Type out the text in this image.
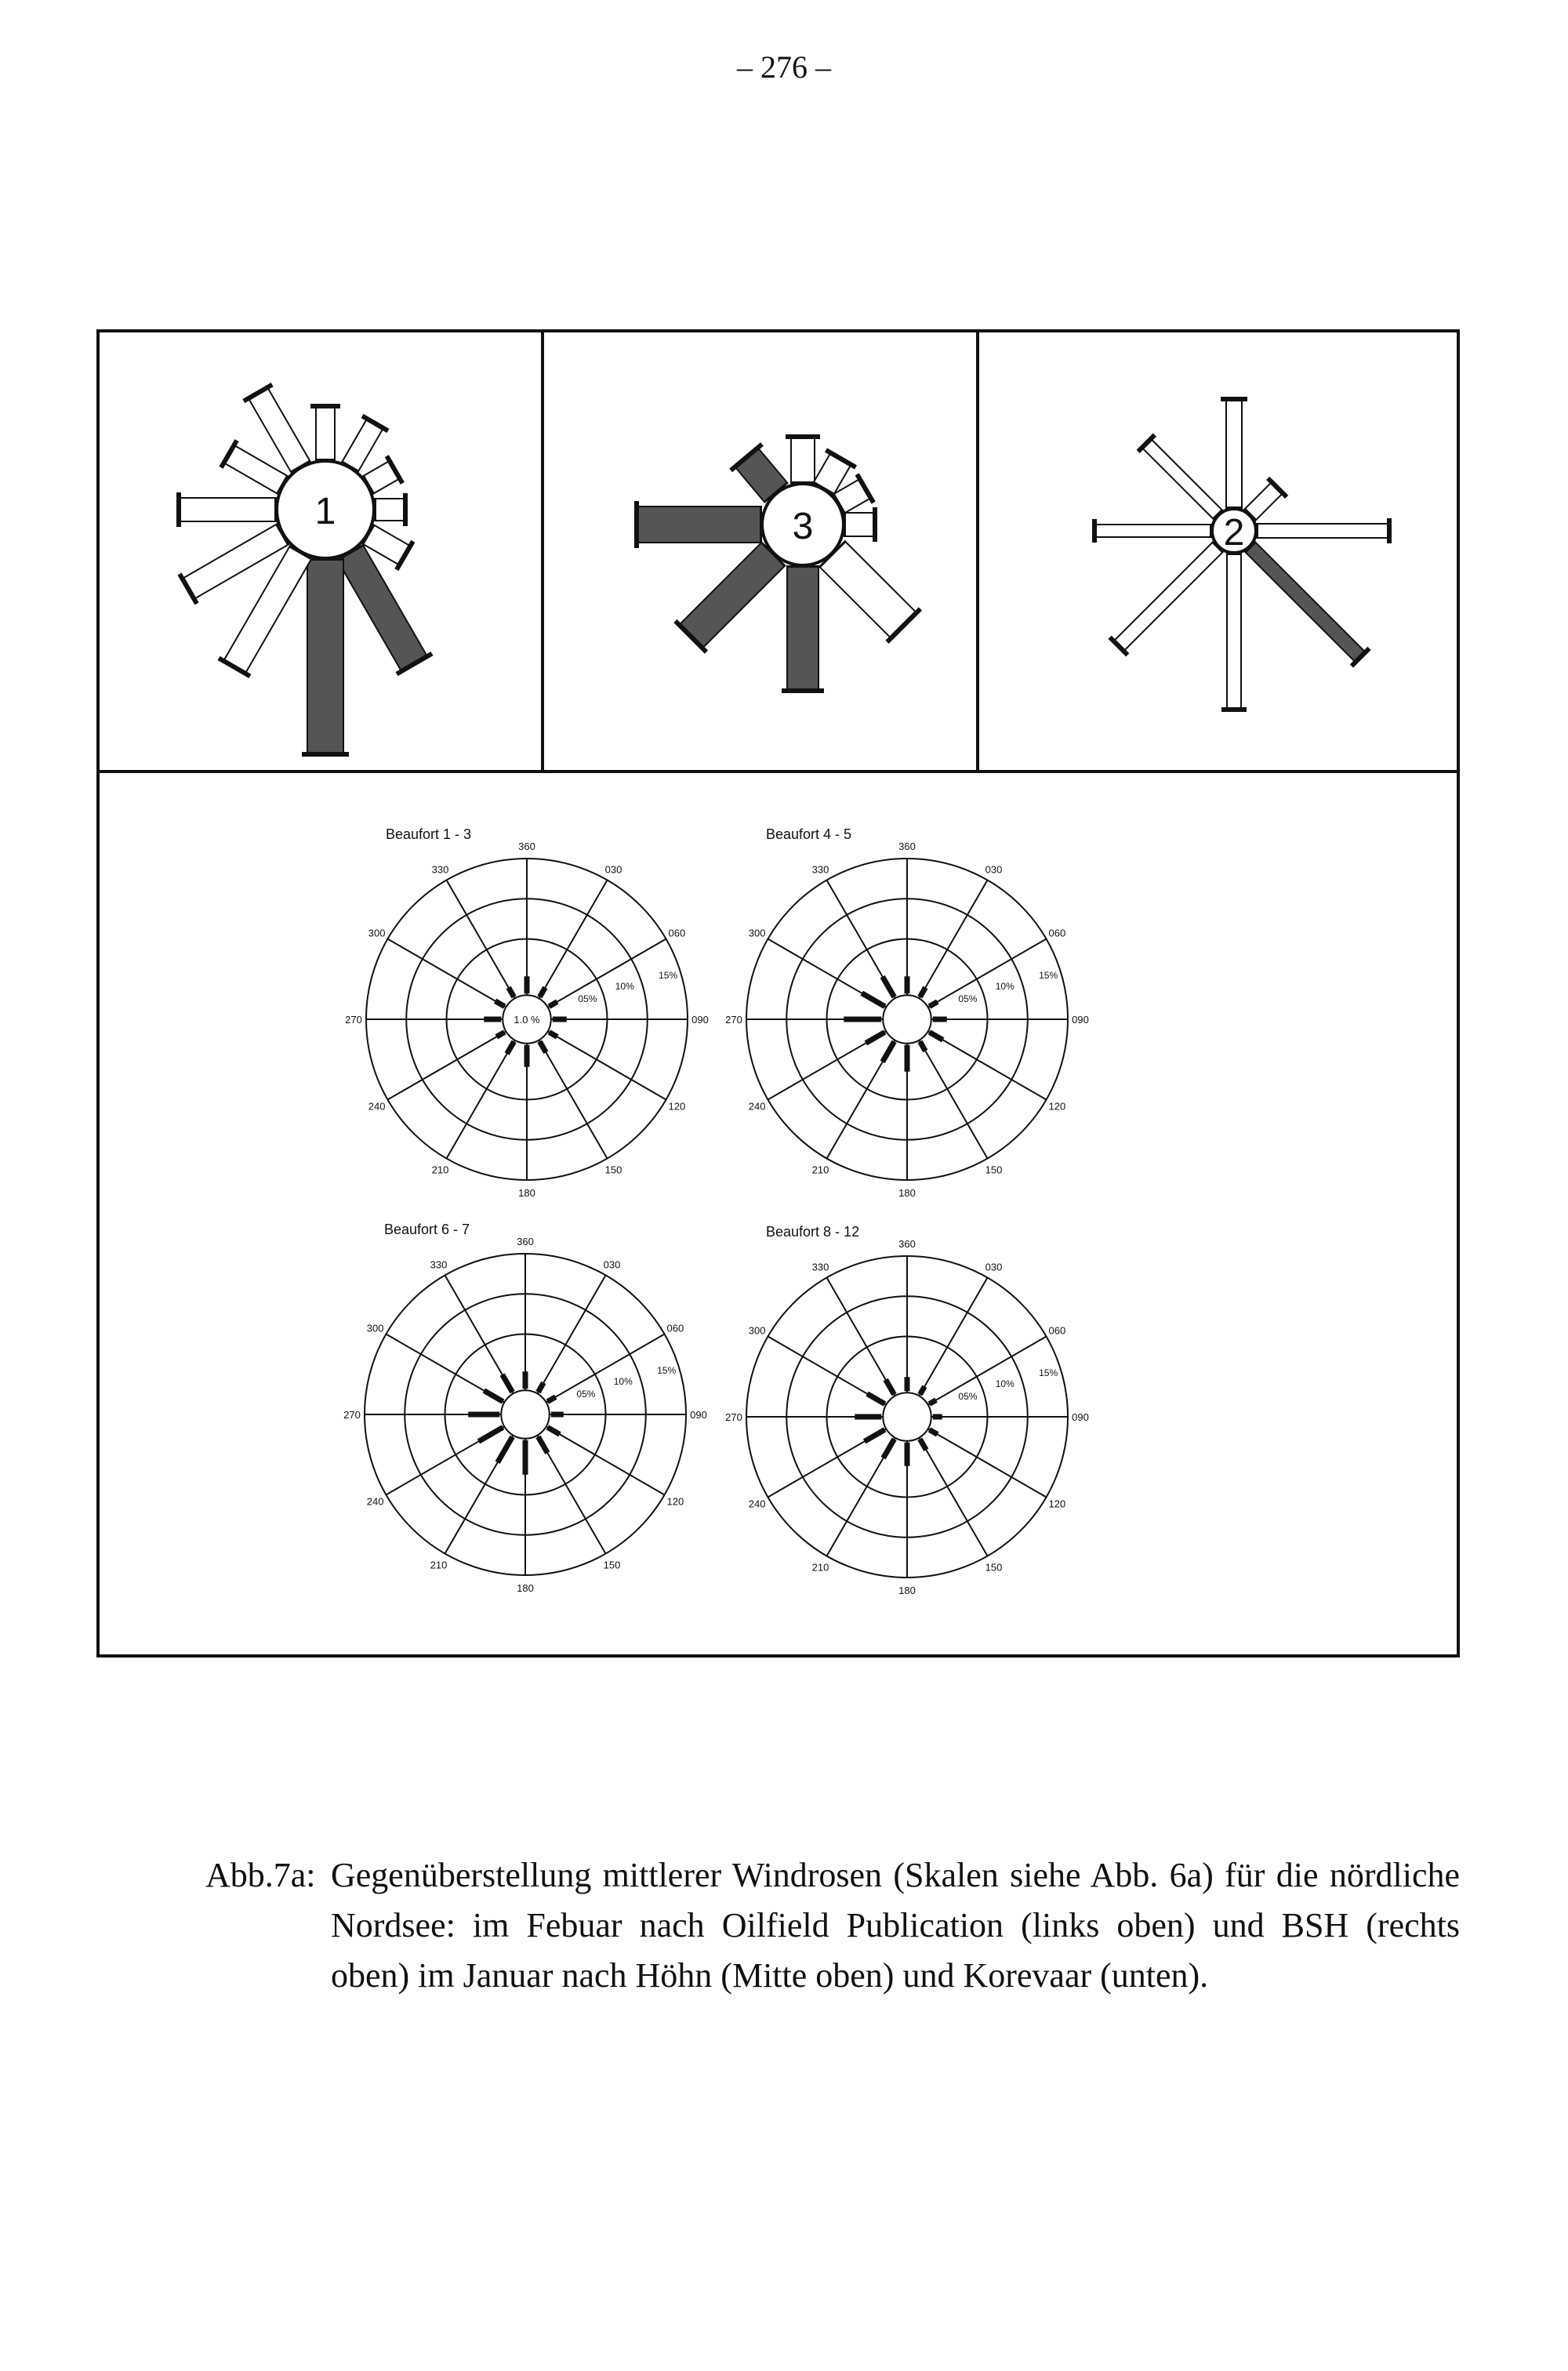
– 276 –
1	3	2
Beaufort 1 - 3
360
030
060
090
120
150
180
210
240
270
300
330
05%
10%
15%
1.0 %
Beaufort 4 - 5
360
030
060
090
120
150
180
210
240
270
300
330
05%
10%
15%
Beaufort 6 - 7
360
030
060
090
120
150
180
210
240
270
300
330
05%
10%
15%
Beaufort 8 - 12
360
030
060
090
120
150
180
210
240
270
300
330
05%
10%
15%
Abb.7a: Gegenüberstellung mittlerer Windrosen (Skalen siehe Abb. 6a) für die nördliche Nordsee: im Febuar nach Oilfield Publication (links oben) und BSH (rechts oben) im Januar nach Höhn (Mitte oben) und Korevaar (unten).
